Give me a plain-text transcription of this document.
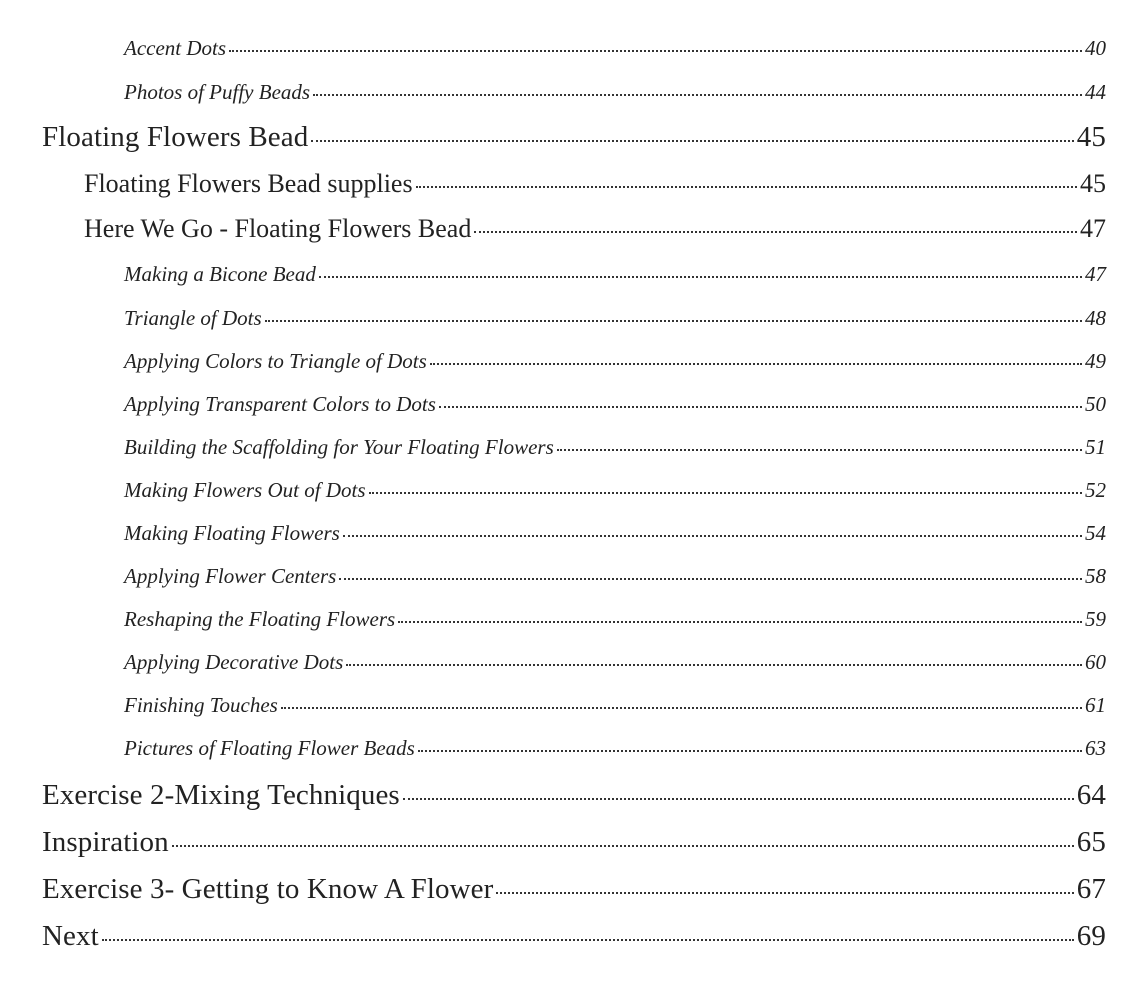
Accent Dots	40
Photos of Puffy Beads	44
Floating Flowers Bead	45
Floating Flowers Bead supplies	45
Here We Go - Floating Flowers Bead	47
Making a Bicone Bead	47
Triangle of Dots	48
Applying Colors to Triangle of Dots	49
Applying Transparent Colors to Dots	50
Building the Scaffolding for Your Floating Flowers	51
Making Flowers Out of Dots	52
Making Floating Flowers	54
Applying Flower Centers	58
Reshaping the Floating Flowers	59
Applying Decorative Dots	60
Finishing Touches	61
Pictures of Floating Flower Beads	63
Exercise 2-Mixing Techniques	64
Inspiration	65
Exercise 3- Getting to Know A Flower	67
Next	69
